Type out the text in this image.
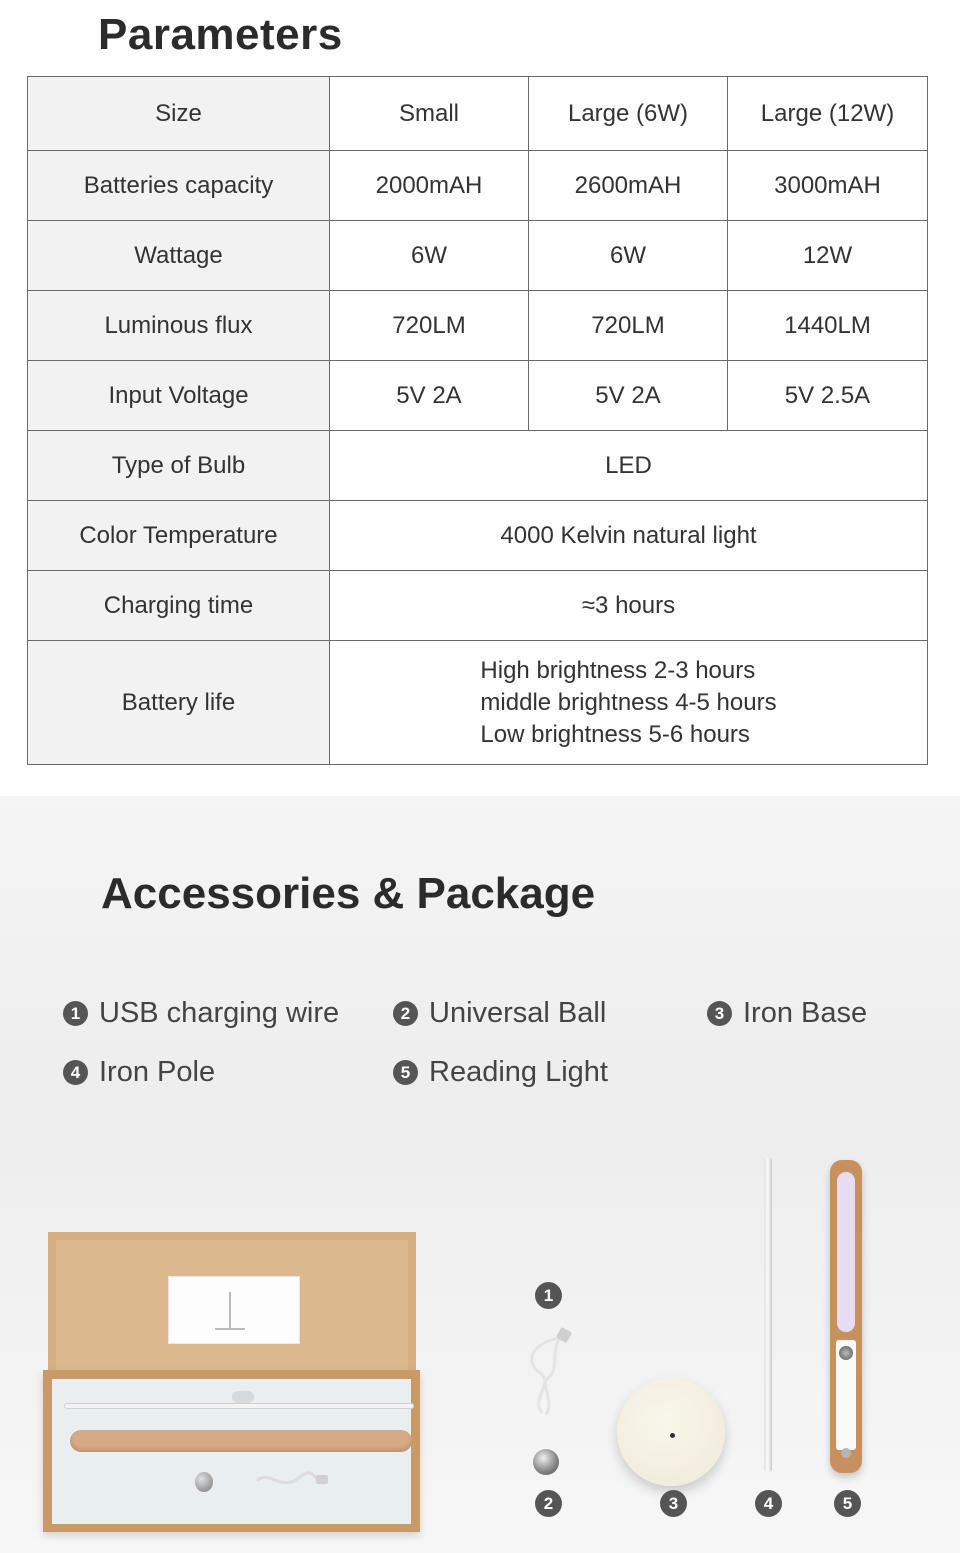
Parameters
Size	Small	Large (6W)	Large (12W)
Batteries capacity	2000mAH	2600mAH	3000mAH
Wattage	6W	6W	12W
Luminous flux	720LM	720LM	1440LM
Input Voltage	5V 2A	5V 2A	5V 2.5A
Type of Bulb	LED		
Color Temperature	4000 Kelvin natural light		
Charging time	≈3 hours		
Battery life	High brightness 2-3 hours
middle brightness 4-5 hours
Low brightness 5-6 hours		
Accessories & Package
1 USB charging wire	2 Universal Ball	3 Iron Base
4 Iron Pole	5 Reading Light
1
2	3	4	5
